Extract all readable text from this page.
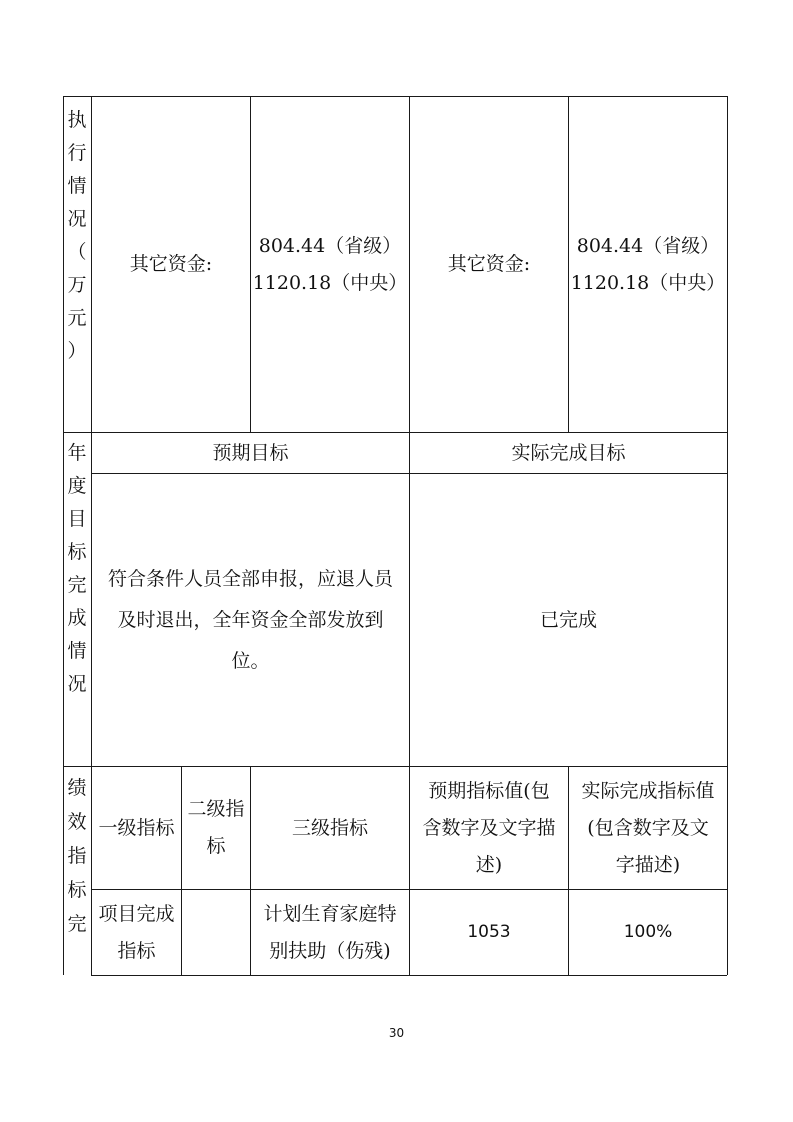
执
行
情
况
（
万
元
）
其它资金:
804.44（省级）
1120.18（中央）
其它资金:
804.44（省级）
1120.18（中央）
年
度
目
标
完
成
情
况
预期目标	实际完成目标
符合条件人员全部申报，应退人员
及时退出，全年资金全部发放到
位。
已完成
绩
效
指
标
完
一级指标
二级指
标
三级指标
预期指标值(包
含数字及文字描
述)
实际完成指标值
(包含数字及文
字描述)
项目完成
指标
计划生育家庭特
别扶助（伤残)
1053	100%
30
